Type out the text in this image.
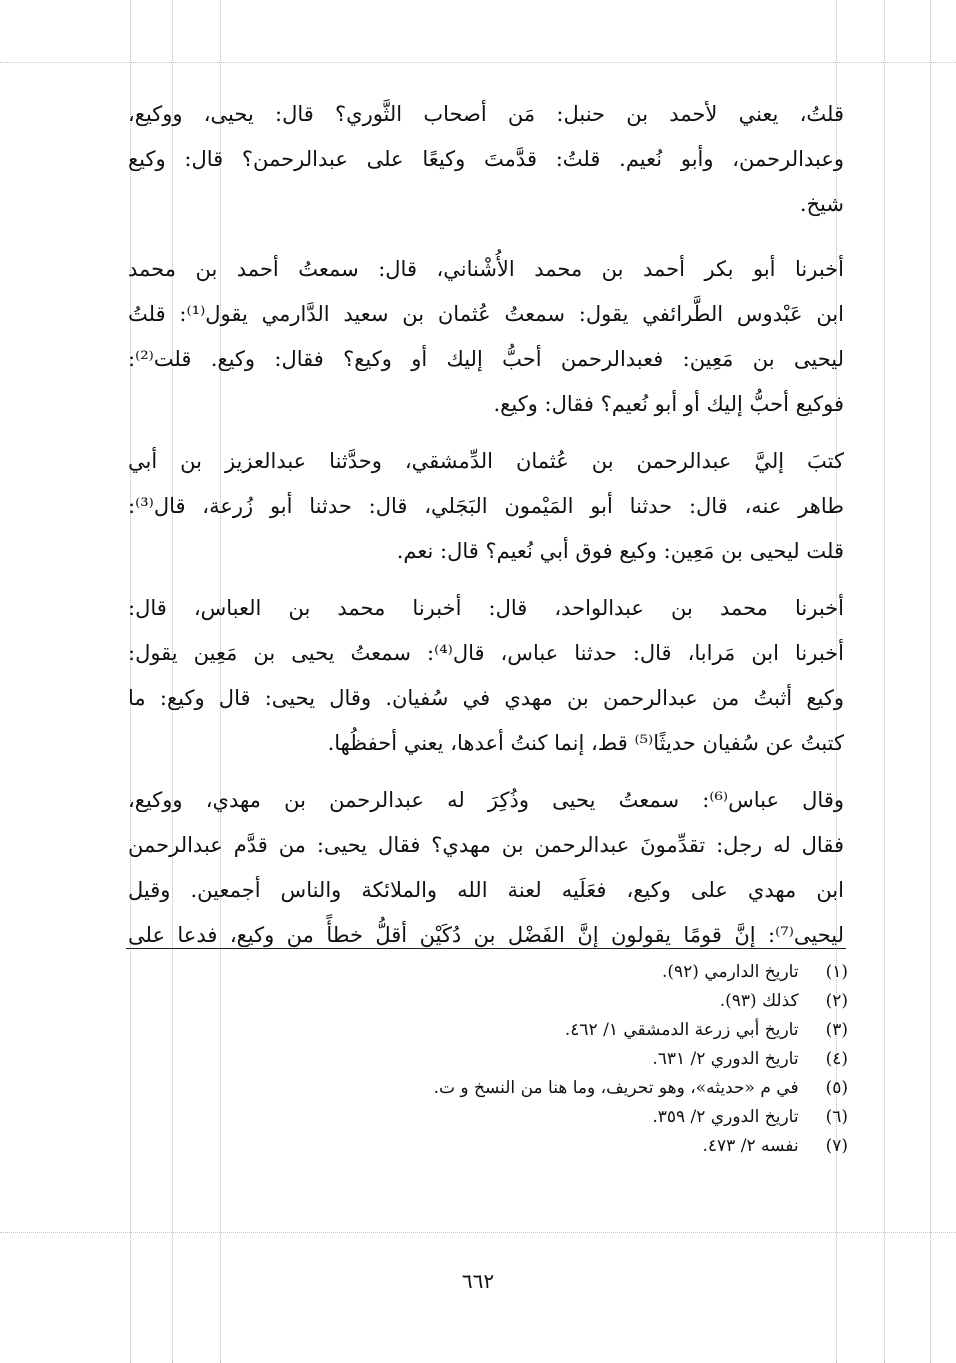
قلتُ، يعني لأحمد بن حنبل: مَن أصحاب الثَّوري؟ قال: يحيى، ووكيع،
وعبدالرحمن، وأبو نُعيم. قلتُ: قدَّمتَ وكيعًا على عبدالرحمن؟ قال: وكيع
شيخ.
أخبرنا أبو بكر أحمد بن محمد الأُشْناني، قال: سمعتُ أحمد بن محمد
ابن عَبْدوس الطَّرائفي يقول: سمعتُ عُثمان بن سعيد الدَّارمي يقول⁽¹⁾: قلتُ
ليحيى بن مَعِين: فعبدالرحمن أحبُّ إليك أو وكيع؟ فقال: وكيع. قلت⁽²⁾:
فوكيع أحبُّ إليك أو أبو نُعيم؟ فقال: وكيع.
كتبَ إليَّ عبدالرحمن بن عُثمان الدِّمشقي، وحدَّثنا عبدالعزيز بن أبي
طاهر عنه، قال: حدثنا أبو المَيْمون البَجَلي، قال: حدثنا أبو زُرعة، قال⁽³⁾:
قلت ليحيى بن مَعِين: وكيع فوق أبي نُعيم؟ قال: نعم.
أخبرنا محمد بن عبدالواحد، قال: أخبرنا محمد بن العباس، قال:
أخبرنا ابن مَرابا، قال: حدثنا عباس، قال⁽⁴⁾: سمعتُ يحيى بن مَعِين يقول:
وكيع أثبتُ من عبدالرحمن بن مهدي في سُفيان. وقال يحيى: قال وكيع: ما
كتبتُ عن سُفيان حديثًا⁽⁵⁾ قط، إنما كنتُ أعدها، يعني أحفظُها.
وقال عباس⁽⁶⁾: سمعتُ يحيى وذُكِرَ له عبدالرحمن بن مهدي، ووكيع،
فقال له رجل: تقدِّمونَ عبدالرحمن بن مهدي؟ فقال يحيى: من قدَّم عبدالرحمن
ابن مهدي على وكيع، فعَلَيه لعنة الله والملائكة والناس أجمعين. وقيل
ليحيى⁽⁷⁾: إنَّ قومًا يقولون إنَّ الفَضْل بن دُكَيْن أقلُّ خطأً من وكيع، فدعا على
(١) تاريخ الدارمي (٩٢).
(٢) كذلك (٩٣).
(٣) تاريخ أبي زرعة الدمشقي ١/ ٤٦٢.
(٤) تاريخ الدوري ٢/ ٦٣١.
(٥) في م «حديثه»، وهو تحريف، وما هنا من النسخ و ت.
(٦) تاريخ الدوري ٢/ ٣٥٩.
(٧) نفسه ٢/ ٤٧٣.
٦٦٢
